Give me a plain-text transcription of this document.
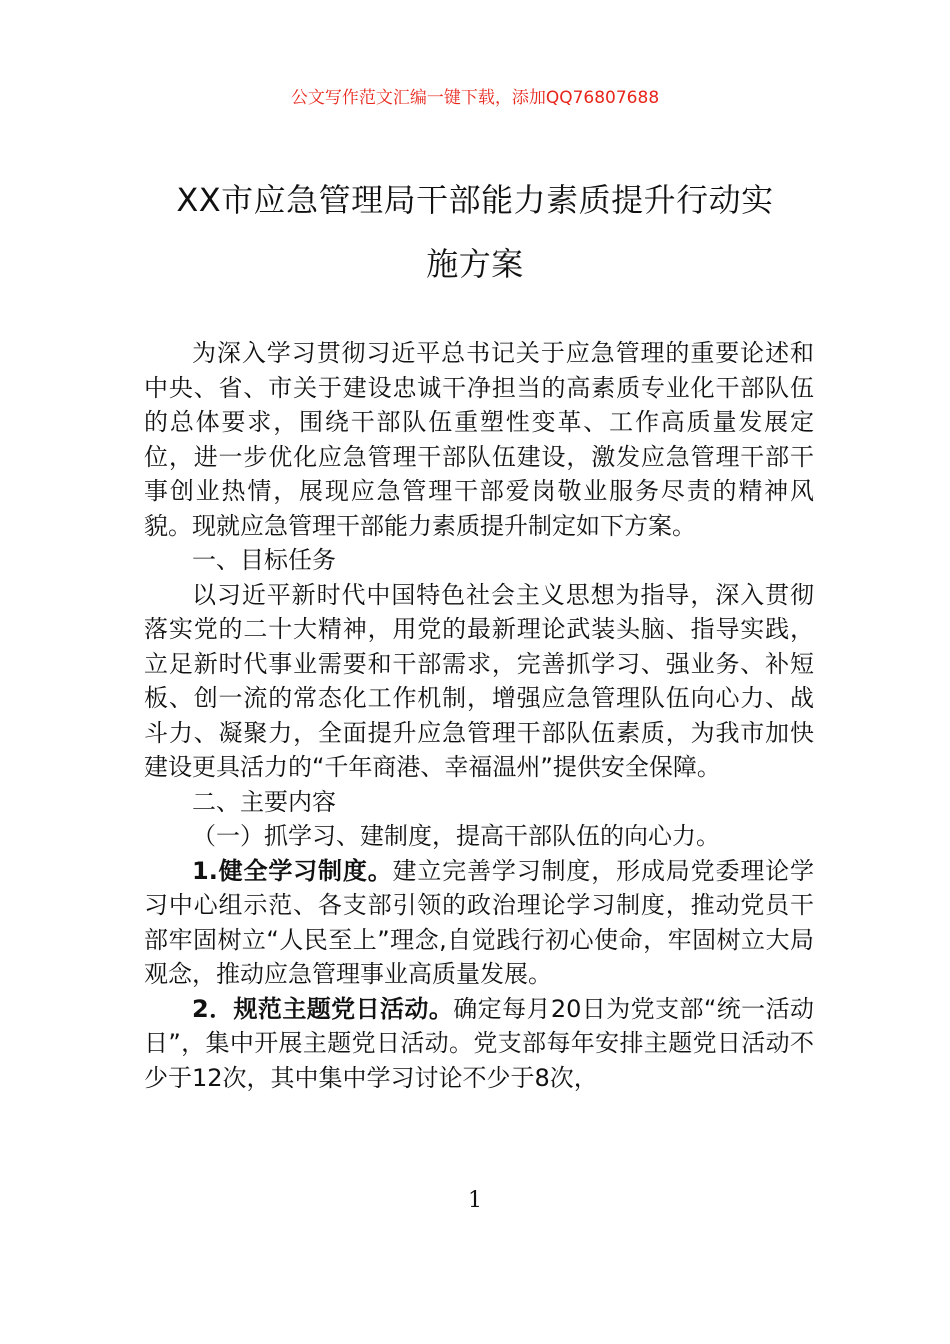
公文写作范文汇编一键下载，添加QQ76807688
XX市应急管理局干部能力素质提升行动实
施方案

为深入学习贯彻习近平总书记关于应急管理的重要论述和中央、省、市关于建设忠诚干净担当的高素质专业化干部队伍的总体要求，围绕干部队伍重塑性变革、工作高质量发展定位，进一步优化应急管理干部队伍建设，激发应急管理干部干事创业热情，展现应急管理干部爱岗敬业服务尽责的精神风貌。现就应急管理干部能力素质提升制定如下方案。

一、目标任务

以习近平新时代中国特色社会主义思想为指导，深入贯彻落实党的二十大精神，用党的最新理论武装头脑、指导实践，立足新时代事业需要和干部需求，完善抓学习、强业务、补短板、创一流的常态化工作机制，增强应急管理队伍向心力、战斗力、凝聚力，全面提升应急管理干部队伍素质，为我市加快建设更具活力的“千年商港、幸福温州”提供安全保障。

二、主要内容

（一）抓学习、建制度，提高干部队伍的向心力。

1.健全学习制度。建立完善学习制度，形成局党委理论学习中心组示范、各支部引领的政治理论学习制度，推动党员干部牢固树立“人民至上”理念,自觉践行初心使命，牢固树立大局观念，推动应急管理事业高质量发展。

2．规范主题党日活动。确定每月20日为党支部“统一活动日”，集中开展主题党日活动。党支部每年安排主题党日活动不少于12次，其中集中学习讨论不少于8次，

1
